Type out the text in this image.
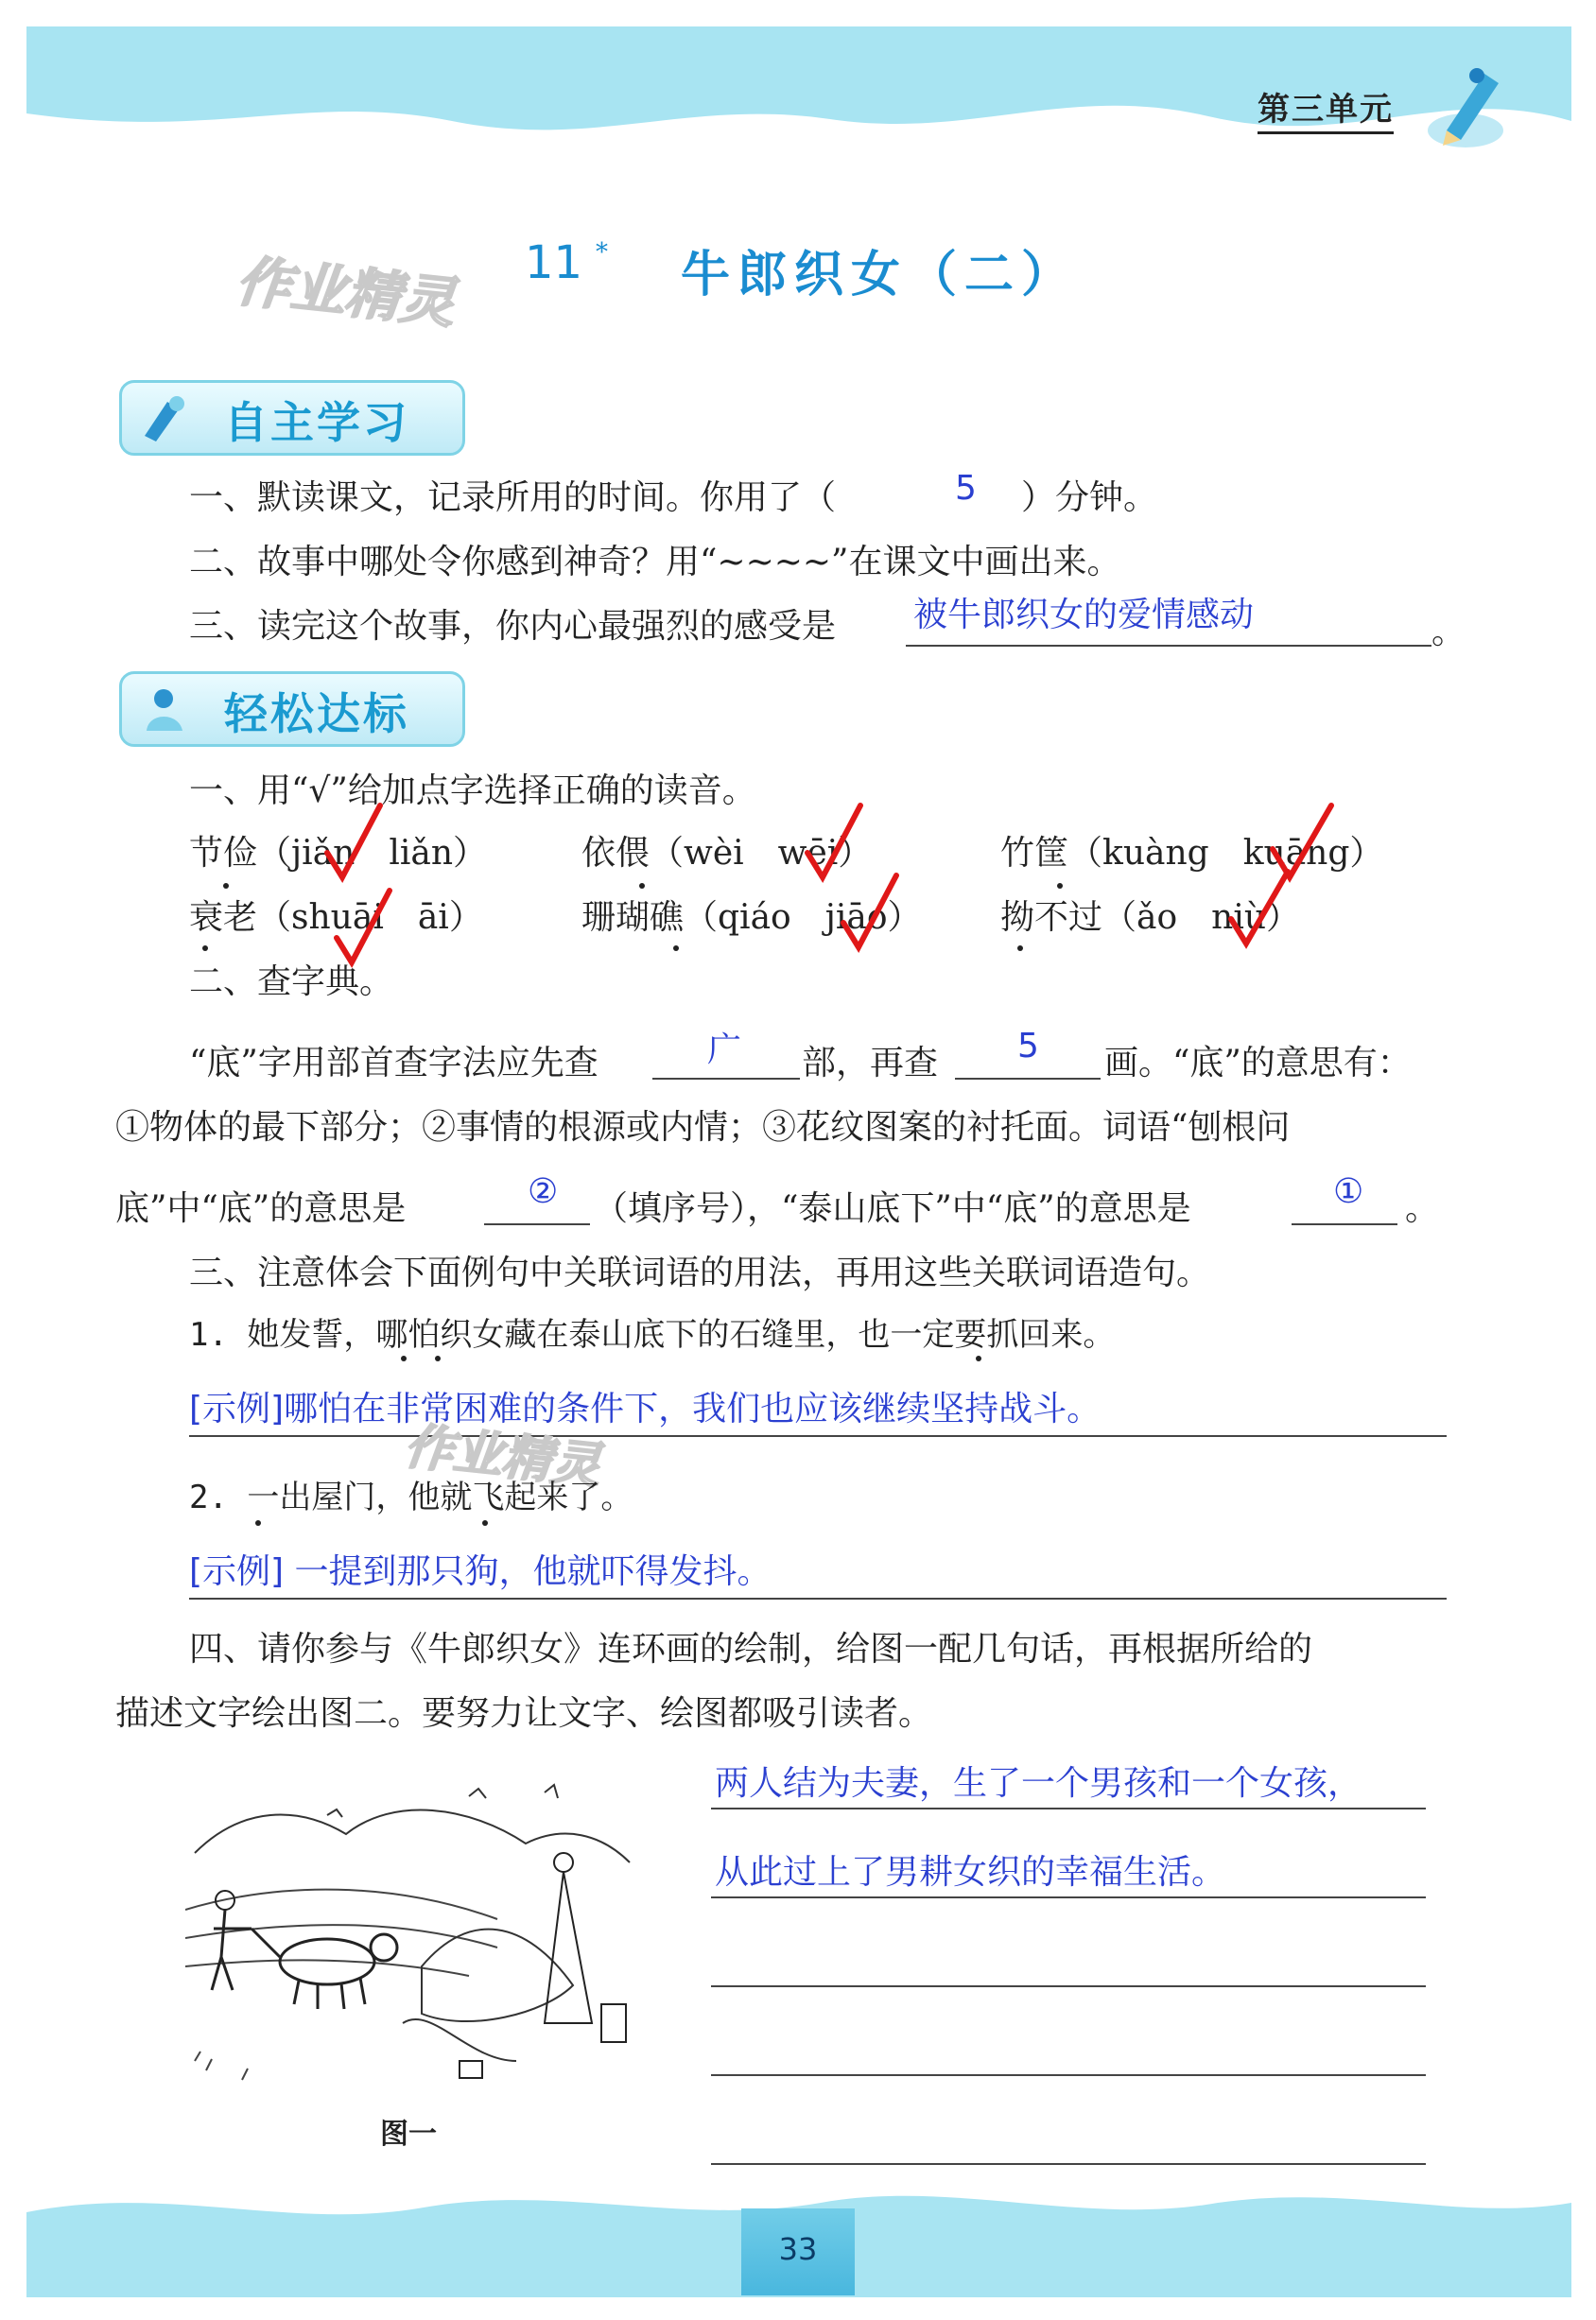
第三单元
作业精灵 11 * 牛郎织女（二）
自主学习
一、默读课文，记录所用的时间。你用了（	5 ）分钟。
二、故事中哪处令你感到神奇？用“~~~~”在课文中画出来。
三、读完这个故事，你内心最强烈的感受是 被牛郎织女的爱情感动	。
轻松达标
一、用“√”给加点字选择正确的读音。
节俭（jiǎn　liǎn）	依偎（wèi　wēi）	竹筐（kuàng　kuāng）
衰老（shuāi　āi）	珊瑚礁（qiáo　jiāo） 拗不过（ǎo　niù）
二、查字典。
“底”字用部首查字法应先查	广 部，再查 5 画。“底”的意思有：
①物体的最下部分；②事情的根源或内情；③花纹图案的衬托面。词语“刨根问
底”中“底”的意思是	② （填序号），“泰山底下”中“底”的意思是	① 。
三、注意体会下面例句中关联词语的用法，再用这些关联词语造句。
1. 她发誓，哪怕织女藏在泰山底下的石缝里，也一定要抓回来。
[示例]哪怕在非常困难的条件下，我们也应该继续坚持战斗。
作业精灵
2. 一出屋门，他就飞起来了。
[示例] 一提到那只狗，他就吓得发抖。
四、请你参与《牛郎织女》连环画的绘制，给图一配几句话，再根据所给的
描述文字绘出图二。要努力让文字、绘图都吸引读者。
图一
两人结为夫妻，生了一个男孩和一个女孩，
从此过上了男耕女织的幸福生活。
33
